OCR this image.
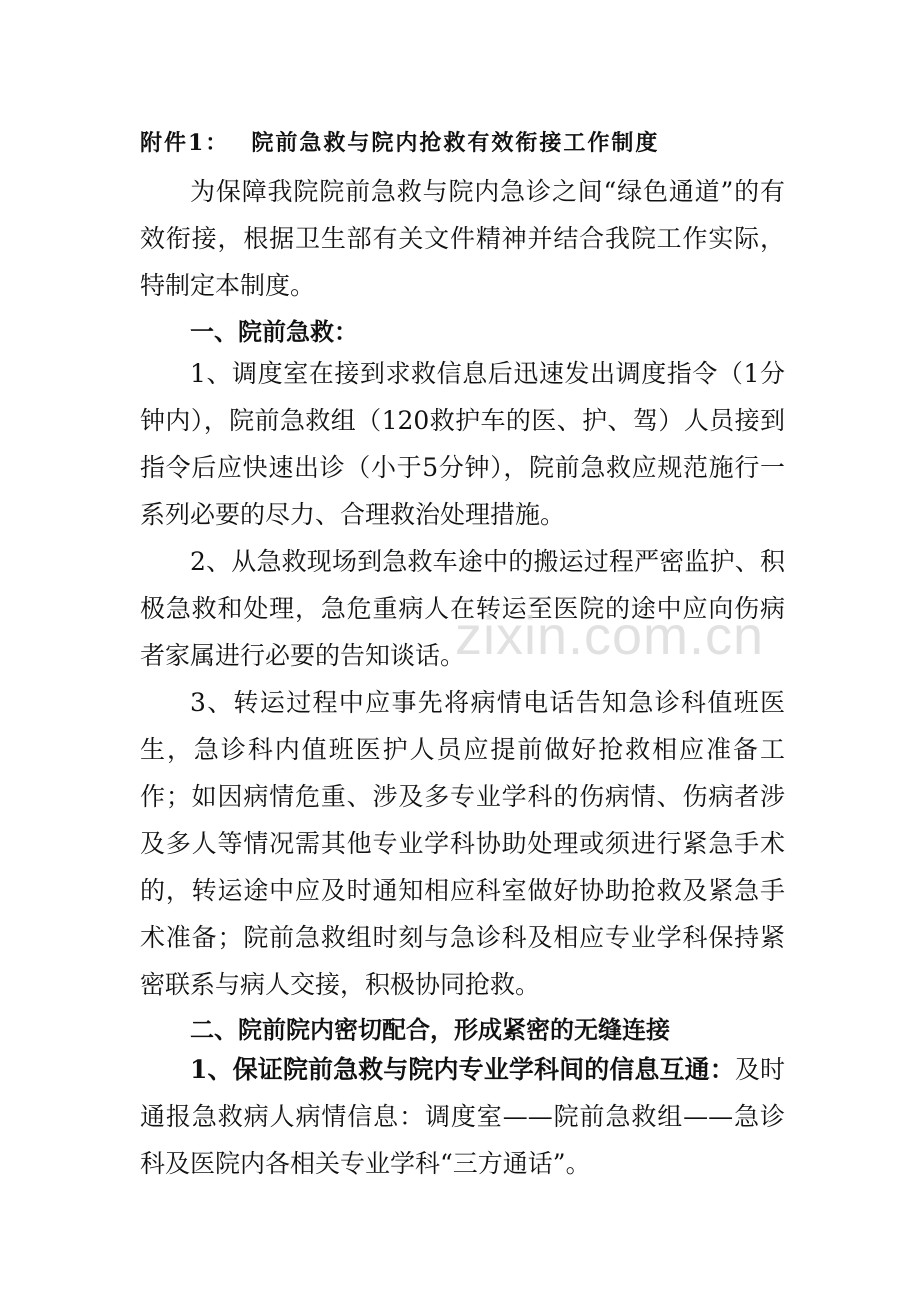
附件1： 院前急救与院内抢救有效衔接工作制度

为保障我院院前急救与院内急诊之间“绿色通道”的有效衔接，根据卫生部有关文件精神并结合我院工作实际，特制定本制度。

一、院前急救：

1、调度室在接到求救信息后迅速发出调度指令（1分钟内），院前急救组（120救护车的医、护、驾）人员接到指令后应快速出诊（小于5分钟），院前急救应规范施行一系列必要的尽力、合理救治处理措施。

2、从急救现场到急救车途中的搬运过程严密监护、积极急救和处理，急危重病人在转运至医院的途中应向伤病者家属进行必要的告知谈话。

3、转运过程中应事先将病情电话告知急诊科值班医生，急诊科内值班医护人员应提前做好抢救相应准备工作；如因病情危重、涉及多专业学科的伤病情、伤病者涉及多人等情况需其他专业学科协助处理或须进行紧急手术的，转运途中应及时通知相应科室做好协助抢救及紧急手术准备；院前急救组时刻与急诊科及相应专业学科保持紧密联系与病人交接，积极协同抢救。

二、院前院内密切配合，形成紧密的无缝连接

1、保证院前急救与院内专业学科间的信息互通：及时通报急救病人病情信息：调度室——院前急救组——急诊科及医院内各相关专业学科“三方通话”。

zixin.com.cn
